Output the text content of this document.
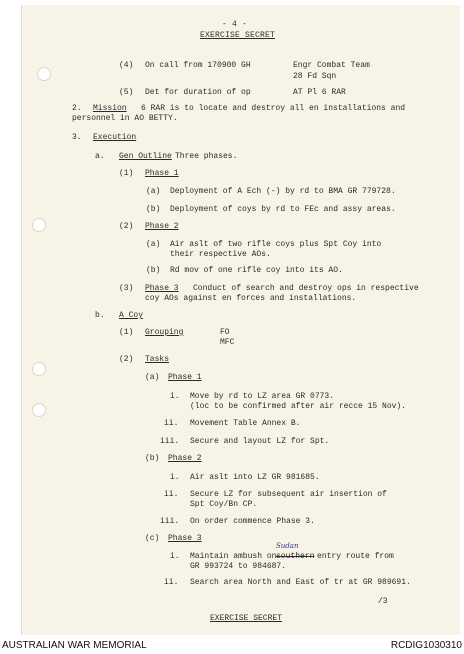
- 4 -
EXERCISE SECRET
(4) On call from 170900 GH	Engr Combat Team
28 Fd Sqn
(5) Det for duration of op	AT Pl 6 RAR
2. Mission 6 RAR is to locate and destroy all en installations and
personnel in AO BETTY.
3. Execution
a. Gen Outline Three phases.
(1) Phase 1
(a) Deployment of A Ech (-) by rd to BMA GR 779728.
(b) Deployment of coys by rd to FEc and assy areas.
(2) Phase 2
(a) Air aslt of two rifle coys plus Spt Coy into
their respective AOs.
(b) Rd mov of one rifle coy into its AO.
(3) Phase 3 Conduct of search and destroy ops in respective
coy AOs against en forces and installations.
b. A Coy
(1) Grouping	FO
MFC
(2) Tasks
(a) Phase 1
i. Move by rd to LZ area GR 0773.
(loc to be confirmed after air recce 15 Nov).
ii. Movement Table Annex B.
iii. Secure and layout LZ for Spt.
(b) Phase 2
i. Air aslt into LZ GR 981685.
ii. Secure LZ for subsequent air insertion of
Spt Coy/Bn CP.
iii. On order commence Phase 3.
(c) Phase 3
Sudan
i. Maintain ambush on southern entry route from
GR 993724 to 984687.
ii. Search area North and East of tr at GR 989691.
/3
EXERCISE SECRET
AUSTRALIAN WAR MEMORIAL	RCDIG1030310
